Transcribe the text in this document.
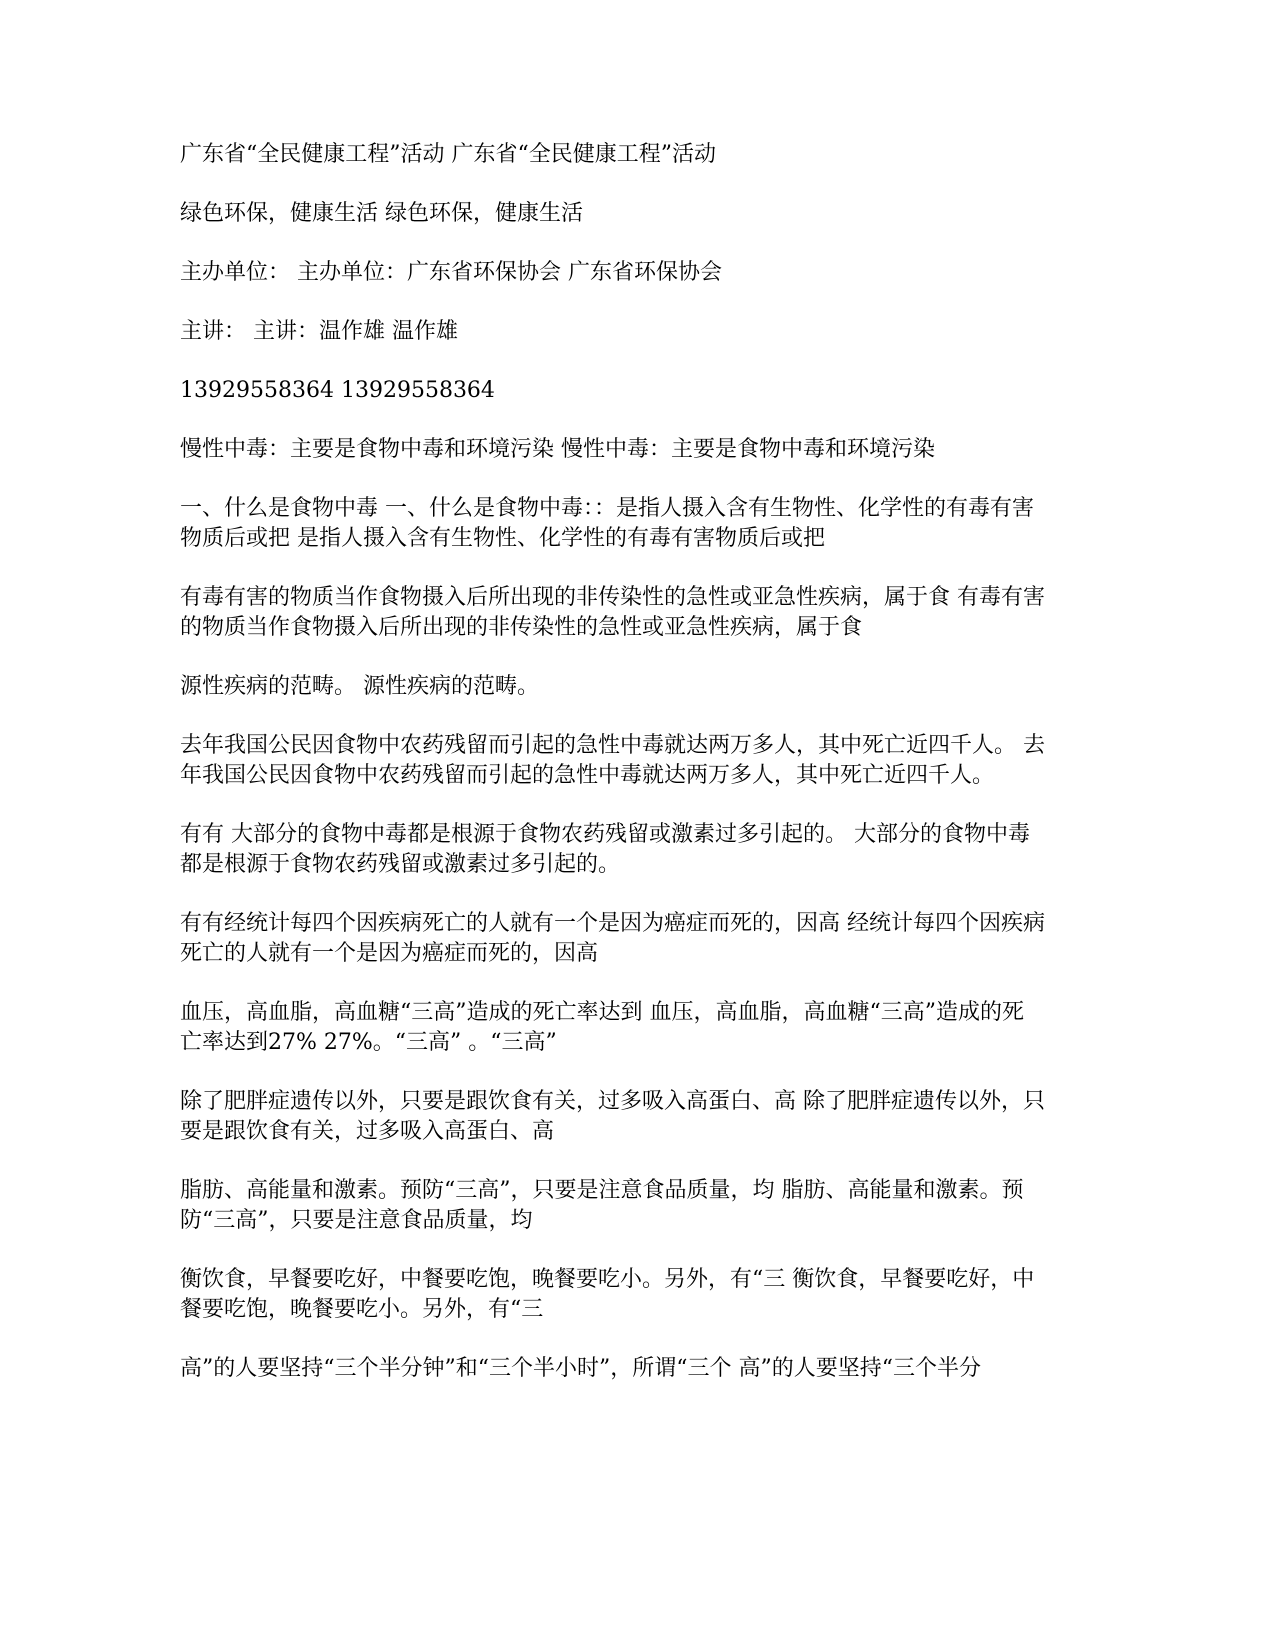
广东省“全民健康工程”活动 广东省“全民健康工程”活动

绿色环保，健康生活 绿色环保，健康生活

主办单位： 主办单位：广东省环保协会 广东省环保协会

主讲： 主讲：温作雄 温作雄

13929558364 13929558364

慢性中毒：主要是食物中毒和环境污染 慢性中毒：主要是食物中毒和环境污染

一、什么是食物中毒 一、什么是食物中毒：：是指人摄入含有生物性、化学性的有毒有害物质后或把 是指人摄入含有生物性、化学性的有毒有害物质后或把

有毒有害的物质当作食物摄入后所出现的非传染性的急性或亚急性疾病，属于食 有毒有害的物质当作食物摄入后所出现的非传染性的急性或亚急性疾病，属于食

源性疾病的范畴。 源性疾病的范畴。

去年我国公民因食物中农药残留而引起的急性中毒就达两万多人，其中死亡近四千人。 去年我国公民因食物中农药残留而引起的急性中毒就达两万多人，其中死亡近四千人。

有有 大部分的食物中毒都是根源于食物农药残留或激素过多引起的。 大部分的食物中毒都是根源于食物农药残留或激素过多引起的。

有有经统计每四个因疾病死亡的人就有一个是因为癌症而死的，因高 经统计每四个因疾病死亡的人就有一个是因为癌症而死的，因高

血压，高血脂，高血糖“三高”造成的死亡率达到 血压，高血脂，高血糖“三高”造成的死亡率达到27% 27%。“三高” 。“三高”

除了肥胖症遗传以外，只要是跟饮食有关，过多吸入高蛋白、高 除了肥胖症遗传以外，只要是跟饮食有关，过多吸入高蛋白、高

脂肪、高能量和激素。预防“三高”，只要是注意食品质量，均 脂肪、高能量和激素。预防“三高”，只要是注意食品质量，均

衡饮食，早餐要吃好，中餐要吃饱，晚餐要吃小。另外，有“三 衡饮食，早餐要吃好，中餐要吃饱，晚餐要吃小。另外，有“三

高”的人要坚持“三个半分钟”和“三个半小时”，所谓“三个 高”的人要坚持“三个半分
